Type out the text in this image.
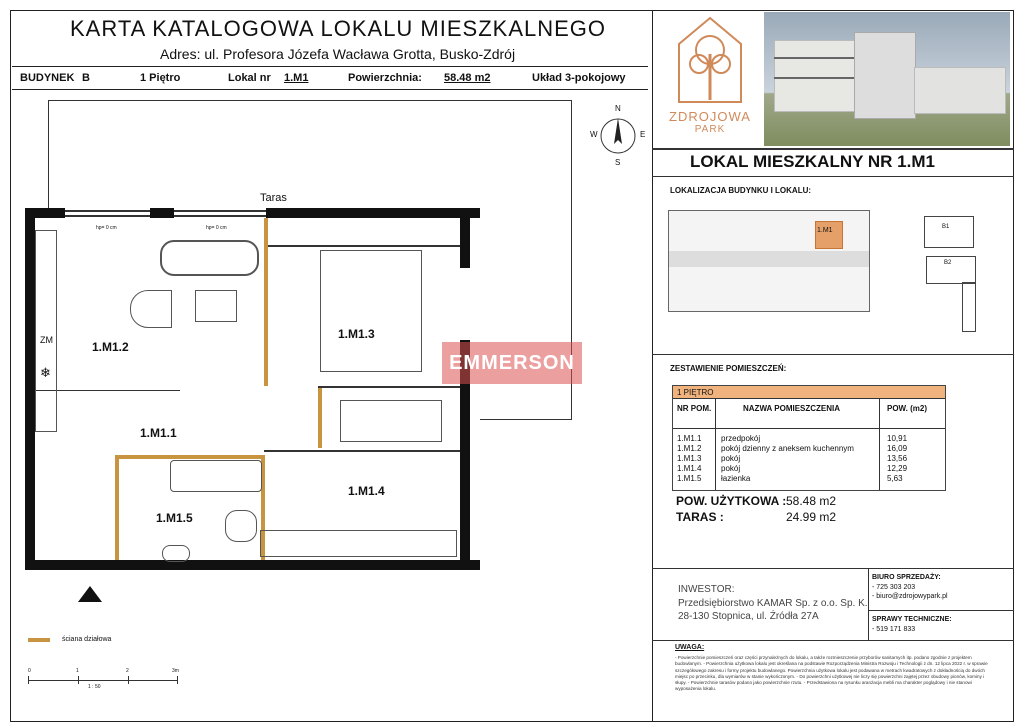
KARTA KATALOGOWA LOKALU MIESZKALNEGO
Adres: ul. Profesora Józefa Wacława Grotta, Busko-Zdrój
BUDYNEK B	1 Piętro	Lokal nr 1.M1	Powierzchnia: 58.48 m2	Układ 3-pokojowy
N
E
S
W
Taras
hp= 0 cm	hp= 0 cm
ZM
❄
1.M1.2
1.M1.3
1.M1.1
1.M1.4
1.M1.5
EMMERSON
ściana działowa
0	1	2	3m
1 : 50
ZDROJOWA
PARK
LOKAL MIESZKALNY NR 1.M1
LOKALIZACJA BUDYNKU I LOKALU:
1.M1	B1
B2
ZESTAWIENIE POMIESZCZEŃ:
1 PIĘTRO
NR POM.	NAZWA POMIESZCZENIA	POW. (m2)
1.M1.1 przedpokój	10,91
1.M1.2 pokój dzienny z aneksem kuchennym	16,09
1.M1.3 pokój	13,56
1.M1.4 pokój	12,29
1.M1.5 łazienka	5,63
POW. UŻYTKOWA : 58.48 m2
TARAS :	24.99 m2
INWESTOR:
Przedsiębiorstwo KAMAR Sp. z o.o. Sp. K.
28-130 Stopnica, ul. Źródła 27A
BIURO SPRZEDAŻY:
- 725 303 203
- biuro@zdrojowypark.pl
SPRAWY TECHNICZNE:
- 519 171 833
UWAGA:
- Powierzchnie pomieszczeń oraz części przynależnych do lokalu, a także rozmieszczenie przyborów sanitarnych itp. podano zgodnie z projektem budowlanym. - Powierzchnia użytkowa lokalu jest określana na podstawie Rozporządzenia Ministra Rozwoju i Technologii z dn. 12 lipca 2022 r. w sprawie szczegółowego zakresu i formy projektu budowlanego. Powierzchnia użytkowa lokalu jest podawana w metrach kwadratowych z dokładnością do dwóch miejsc po przecinku, dla wymiarów w stanie wykończonym. - Do powierzchni użytkowej nie liczy się powierzchni zajętej przez obudowy pionów, kominy i słupy. - Powierzchnie tarasów podano jako powierzchnie rzutu. - Przedstawiona na rysunku aranżacja mebli ma charakter poglądowy i nie stanowi wyposażenia lokalu.
